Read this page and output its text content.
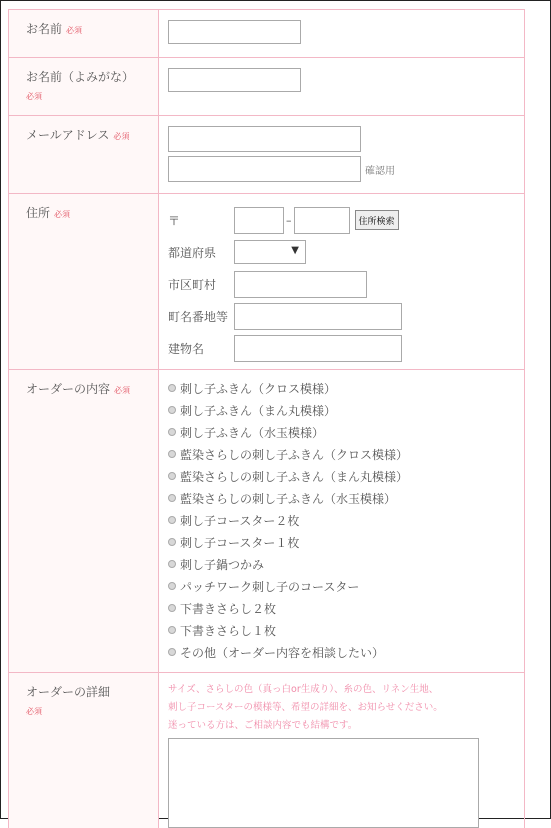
お名前 必須
お名前（よみがな）
必須
メールアドレス 必須
確認用
住所 必須	〒	–	住所検索
都道府県	▼
市区町村
町名番地等
建物名
オーダーの内容 必須	刺し子ふきん（クロス模様）
刺し子ふきん（まん丸模様）
刺し子ふきん（水玉模様）
藍染さらしの刺し子ふきん（クロス模様）
藍染さらしの刺し子ふきん（まん丸模様）
藍染さらしの刺し子ふきん（水玉模様）
刺し子コースター２枚
刺し子コースター１枚
刺し子鍋つかみ
パッチワーク刺し子のコースター
下書きさらし２枚
下書きさらし１枚
その他（オーダー内容を相談したい）
オーダーの詳細
必須
サイズ、さらしの色（真っ白or生成り）、糸の色、リネン生地、
刺し子コースターの模様等、希望の詳細を、お知らせください。
迷っている方は、ご相談内容でも結構です。
